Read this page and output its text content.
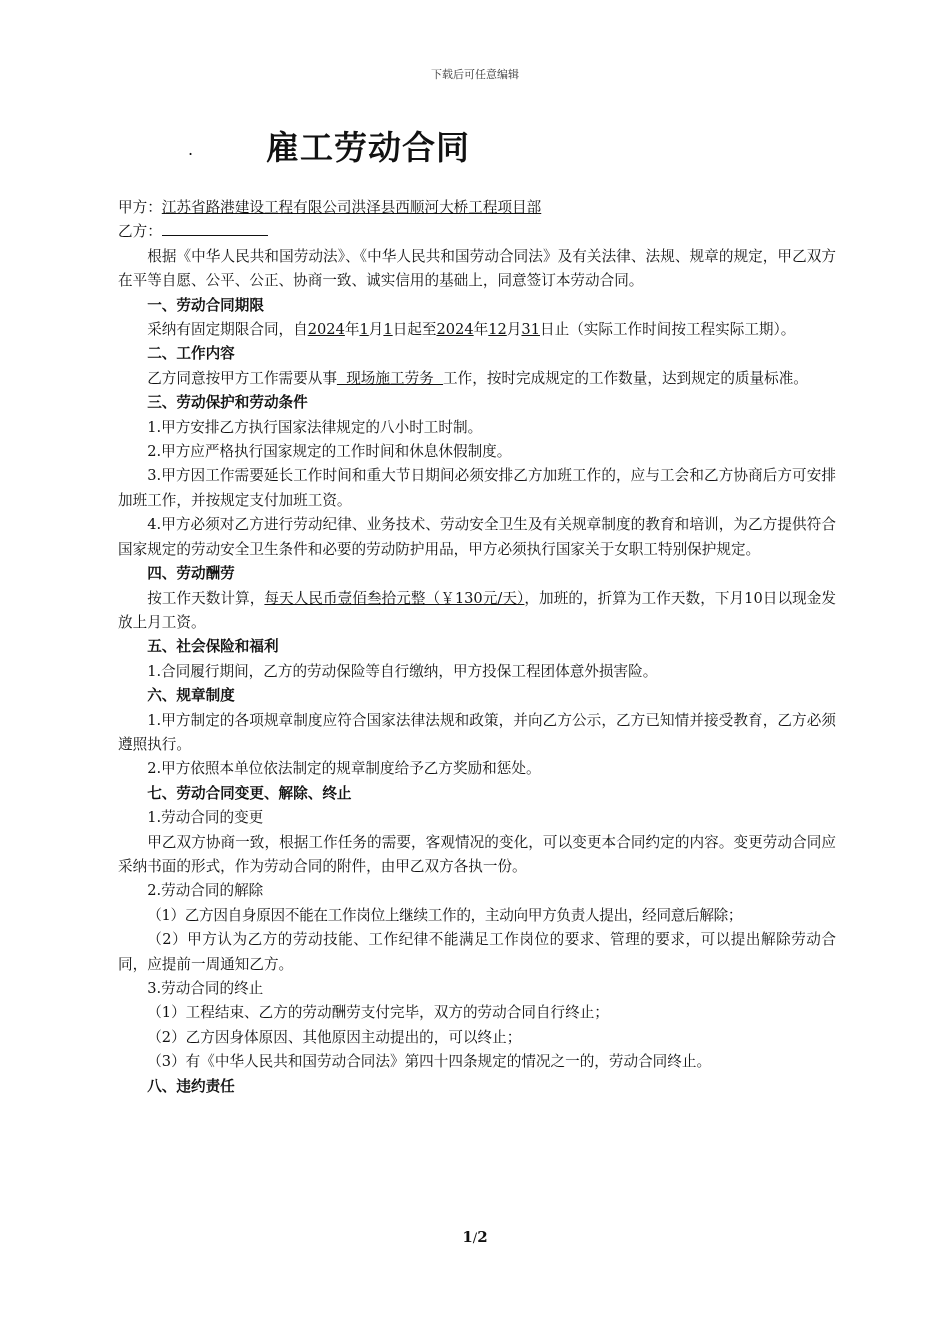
下载后可任意编辑
. 雇工劳动合同

甲方：江苏省路港建设工程有限公司洪泽县西顺河大桥工程项目部

乙方：

根据《中华人民共和国劳动法》、《中华人民共和国劳动合同法》及有关法律、法规、规章的规定，甲乙双方在平等自愿、公平、公正、协商一致、诚实信用的基础上，同意签订本劳动合同。

一、劳动合同期限

采纳有固定期限合同，自2024年1月1日起至2024年12月31日止（实际工作时间按工程实际工期）。

二、工作内容

乙方同意按甲方工作需要从事  现场施工劳务  工作，按时完成规定的工作数量，达到规定的质量标准。

三、劳动保护和劳动条件

1.甲方安排乙方执行国家法律规定的八小时工时制。

2.甲方应严格执行国家规定的工作时间和休息休假制度。

3.甲方因工作需要延长工作时间和重大节日期间必须安排乙方加班工作的，应与工会和乙方协商后方可安排加班工作，并按规定支付加班工资。

4.甲方必须对乙方进行劳动纪律、业务技术、劳动安全卫生及有关规章制度的教育和培训，为乙方提供符合国家规定的劳动安全卫生条件和必要的劳动防护用品，甲方必须执行国家关于女职工特别保护规定。

四、劳动酬劳

按工作天数计算，每天人民币壹佰叁拾元整（￥130元/天），加班的，折算为工作天数，下月10日以现金发放上月工资。

五、社会保险和福利

1.合同履行期间，乙方的劳动保险等自行缴纳，甲方投保工程团体意外损害险。

六、规章制度

1.甲方制定的各项规章制度应符合国家法律法规和政策，并向乙方公示，乙方已知情并接受教育，乙方必须遵照执行。

2.甲方依照本单位依法制定的规章制度给予乙方奖励和惩处。

七、劳动合同变更、解除、终止

1.劳动合同的变更

甲乙双方协商一致，根据工作任务的需要，客观情况的变化，可以变更本合同约定的内容。变更劳动合同应采纳书面的形式，作为劳动合同的附件，由甲乙双方各执一份。

2.劳动合同的解除

（1）乙方因自身原因不能在工作岗位上继续工作的，主动向甲方负责人提出，经同意后解除；

（2）甲方认为乙方的劳动技能、工作纪律不能满足工作岗位的要求、管理的要求，可以提出解除劳动合同，应提前一周通知乙方。

3.劳动合同的终止

（1）工程结束、乙方的劳动酬劳支付完毕，双方的劳动合同自行终止；

（2）乙方因身体原因、其他原因主动提出的，可以终止；

（3）有《中华人民共和国劳动合同法》第四十四条规定的情况之一的，劳动合同终止。

八、违约责任

1/2
